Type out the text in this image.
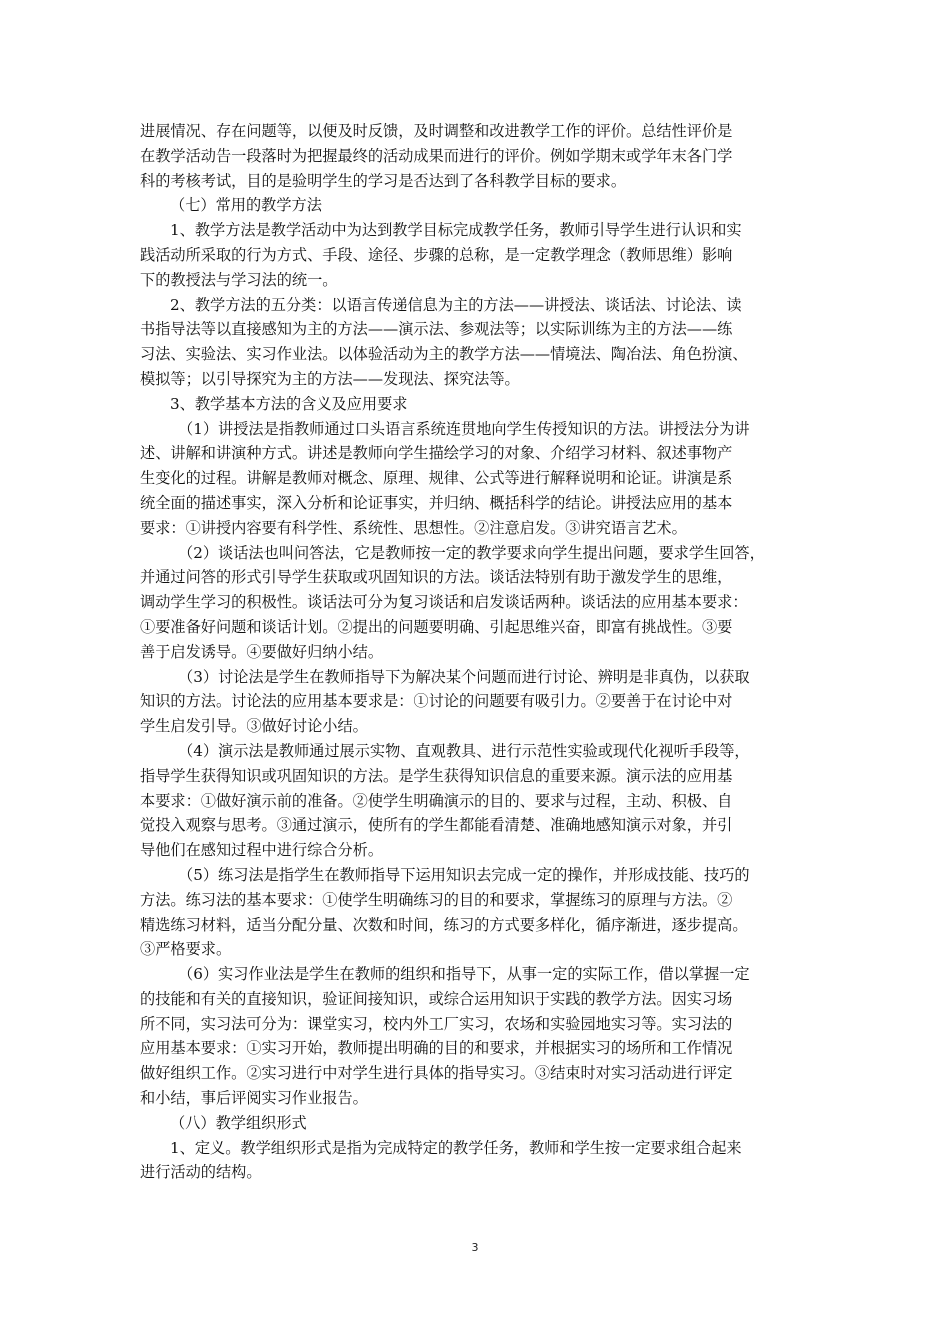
进展情况、存在问题等，以便及时反馈，及时调整和改进教学工作的评价。总结性评价是
在教学活动告一段落时为把握最终的活动成果而进行的评价。例如学期末或学年末各门学
科的考核考试，目的是验明学生的学习是否达到了各科教学目标的要求。
（七）常用的教学方法
1、教学方法是教学活动中为达到教学目标完成教学任务，教师引导学生进行认识和实
践活动所采取的行为方式、手段、途径、步骤的总称，是一定教学理念（教师思维）影响
下的教授法与学习法的统一。
2、教学方法的五分类：以语言传递信息为主的方法——讲授法、谈话法、讨论法、读
书指导法等以直接感知为主的方法——演示法、参观法等；以实际训练为主的方法——练
习法、实验法、实习作业法。以体验活动为主的教学方法——情境法、陶冶法、角色扮演、
模拟等；以引导探究为主的方法——发现法、探究法等。
3、教学基本方法的含义及应用要求
（1）讲授法是指教师通过口头语言系统连贯地向学生传授知识的方法。讲授法分为讲
述、讲解和讲演种方式。讲述是教师向学生描绘学习的对象、介绍学习材料、叙述事物产
生变化的过程。讲解是教师对概念、原理、规律、公式等进行解释说明和论证。讲演是系
统全面的描述事实，深入分析和论证事实，并归纳、概括科学的结论。讲授法应用的基本
要求：①讲授内容要有科学性、系统性、思想性。②注意启发。③讲究语言艺术。
（2）谈话法也叫问答法，它是教师按一定的教学要求向学生提出问题，要求学生回答，
并通过问答的形式引导学生获取或巩固知识的方法。谈话法特别有助于激发学生的思维，
调动学生学习的积极性。谈话法可分为复习谈话和启发谈话两种。谈话法的应用基本要求：
①要准备好问题和谈话计划。②提出的问题要明确、引起思维兴奋，即富有挑战性。③要
善于启发诱导。④要做好归纳小结。
（3）讨论法是学生在教师指导下为解决某个问题而进行讨论、辨明是非真伪，以获取
知识的方法。讨论法的应用基本要求是：①讨论的问题要有吸引力。②要善于在讨论中对
学生启发引导。③做好讨论小结。
（4）演示法是教师通过展示实物、直观教具、进行示范性实验或现代化视听手段等，
指导学生获得知识或巩固知识的方法。是学生获得知识信息的重要来源。演示法的应用基
本要求：①做好演示前的准备。②使学生明确演示的目的、要求与过程，主动、积极、自
觉投入观察与思考。③通过演示，使所有的学生都能看清楚、准确地感知演示对象，并引
导他们在感知过程中进行综合分析。
（5）练习法是指学生在教师指导下运用知识去完成一定的操作，并形成技能、技巧的
方法。练习法的基本要求：①使学生明确练习的目的和要求，掌握练习的原理与方法。②
精选练习材料，适当分配分量、次数和时间，练习的方式要多样化，循序渐进，逐步提高。
③严格要求。
（6）实习作业法是学生在教师的组织和指导下，从事一定的实际工作，借以掌握一定
的技能和有关的直接知识，验证间接知识，或综合运用知识于实践的教学方法。因实习场
所不同，实习法可分为：课堂实习，校内外工厂实习，农场和实验园地实习等。实习法的
应用基本要求：①实习开始，教师提出明确的目的和要求，并根据实习的场所和工作情况
做好组织工作。②实习进行中对学生进行具体的指导实习。③结束时对实习活动进行评定
和小结，事后评阅实习作业报告。
（八）教学组织形式
1、定义。教学组织形式是指为完成特定的教学任务，教师和学生按一定要求组合起来
进行活动的结构。
3
